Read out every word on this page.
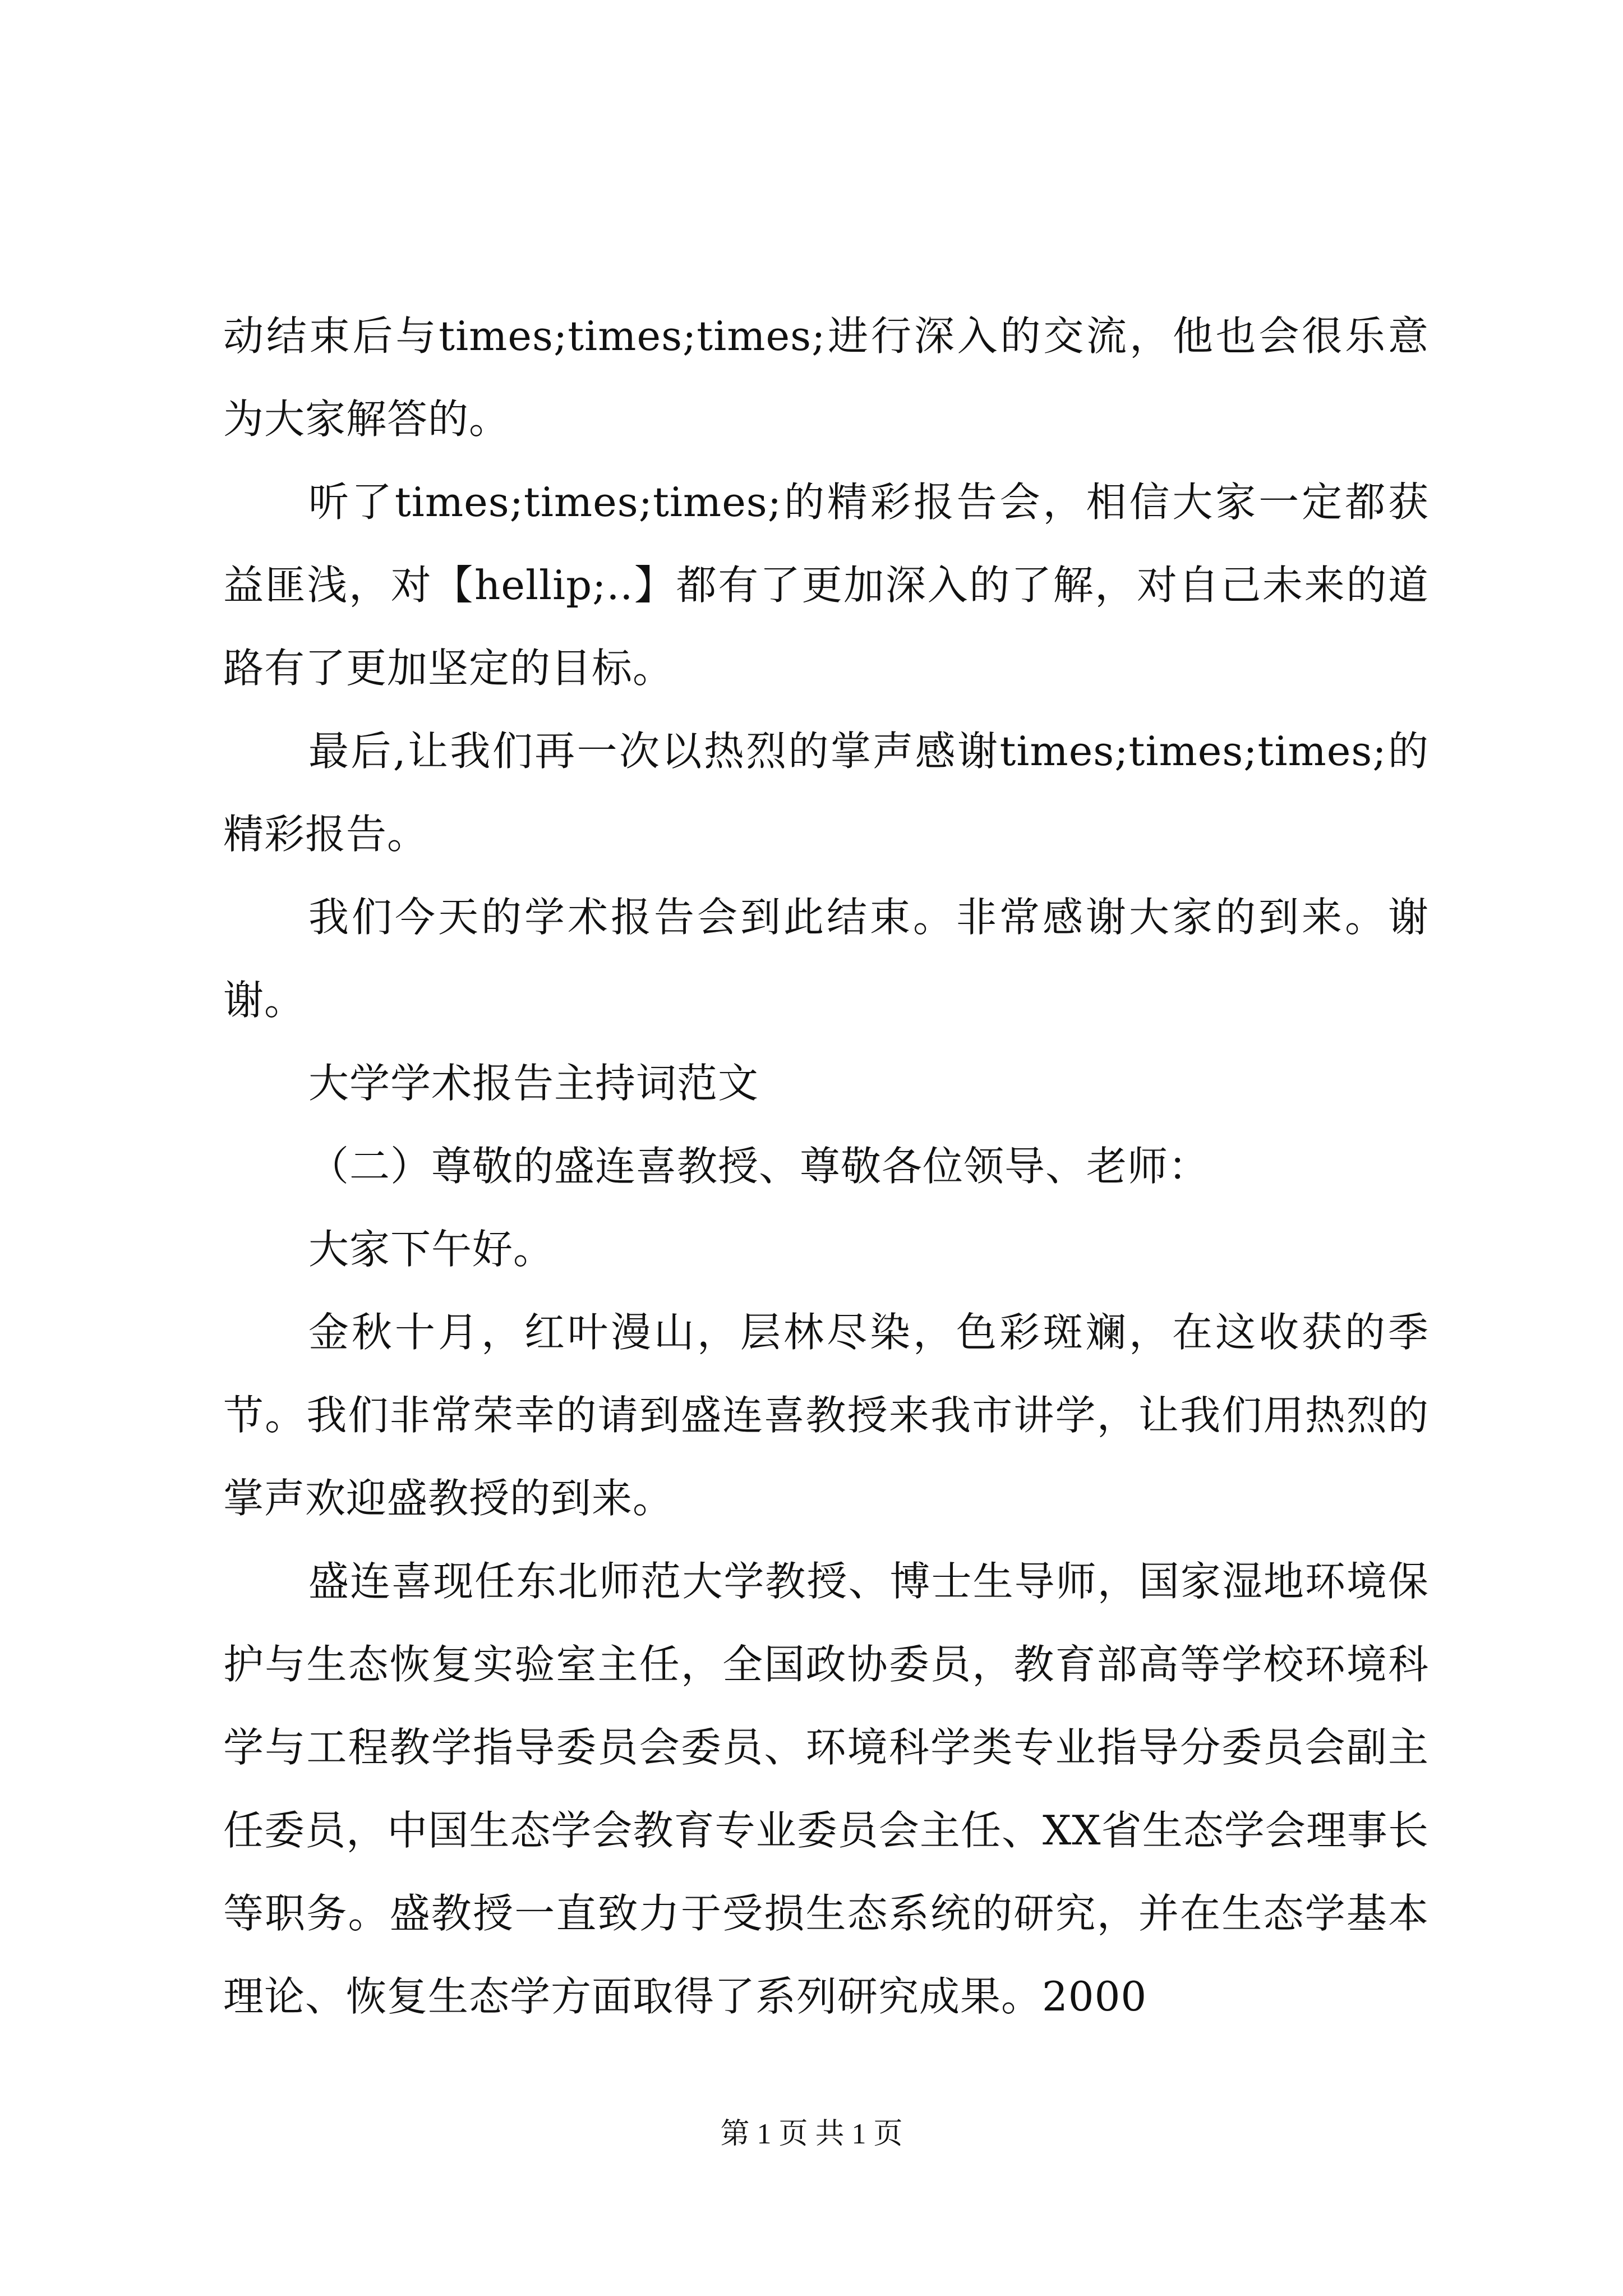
动结束后与times;times;times;进行深入的交流，他也会很乐意为大家解答的。

听了times;times;times;的精彩报告会，相信大家一定都获益匪浅，对【hellip;..】都有了更加深入的了解，对自己未来的道路有了更加坚定的目标。

最后,让我们再一次以热烈的掌声感谢times;times;times;的精彩报告。

我们今天的学术报告会到此结束。非常感谢大家的到来。谢谢。

大学学术报告主持词范文

（二）尊敬的盛连喜教授、尊敬各位领导、老师：

大家下午好。

金秋十月，红叶漫山，层林尽染，色彩斑斓，在这收获的季节。我们非常荣幸的请到盛连喜教授来我市讲学，让我们用热烈的掌声欢迎盛教授的到来。

盛连喜现任东北师范大学教授、博士生导师，国家湿地环境保护与生态恢复实验室主任，全国政协委员，教育部高等学校环境科学与工程教学指导委员会委员、环境科学类专业指导分委员会副主任委员，中国生态学会教育专业委员会主任、XX省生态学会理事长等职务。盛教授一直致力于受损生态系统的研究，并在生态学基本理论、恢复生态学方面取得了系列研究成果。2000

第 1 页 共 1 页
